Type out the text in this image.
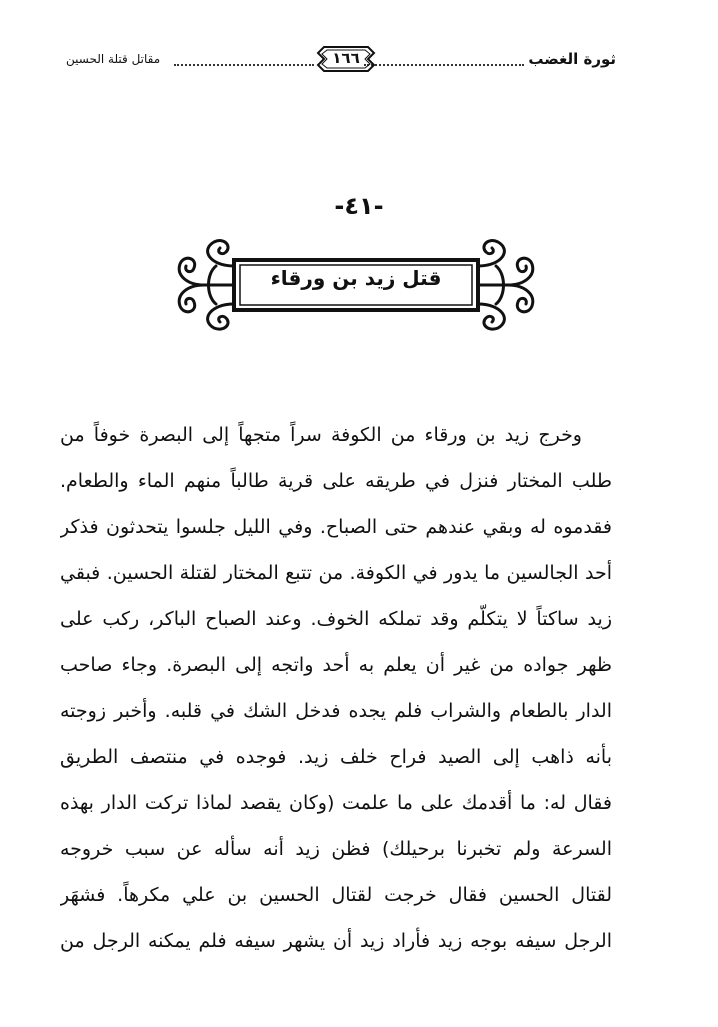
ثورة الغضب
١٦٦
مقاتل قتلة الحسين
-٤١-
قتل زيد بن ورقاء
وخرج زيد بن ورقاء من الكوفة سراً متجهاً إلى البصرة خوفاً من
طلب المختار فنزل في طريقه على قرية طالباً منهم الماء والطعام.
فقدموه له وبقي عندهم حتى الصباح. وفي الليل جلسوا يتحدثون فذكر
أحد الجالسين ما يدور في الكوفة. من تتبع المختار لقتلة الحسين. فبقي
زيد ساكتاً لا يتكلّم وقد تملكه الخوف. وعند الصباح الباكر، ركب على
ظهر جواده من غير أن يعلم به أحد واتجه إلى البصرة. وجاء صاحب
الدار بالطعام والشراب فلم يجده فدخل الشك في قلبه. وأخبر زوجته
بأنه ذاهب إلى الصيد فراح خلف زيد. فوجده في منتصف الطريق
فقال له: ما أقدمك على ما علمت (وكان يقصد لماذا تركت الدار بهذه
السرعة ولم تخبرنا برحيلك) فظن زيد أنه سأله عن سبب خروجه
لقتال الحسين فقال خرجت لقتال الحسين بن علي مكرهاً. فشهَر
الرجل سيفه بوجه زيد فأراد زيد أن يشهر سيفه فلم يمكنه الرجل من
